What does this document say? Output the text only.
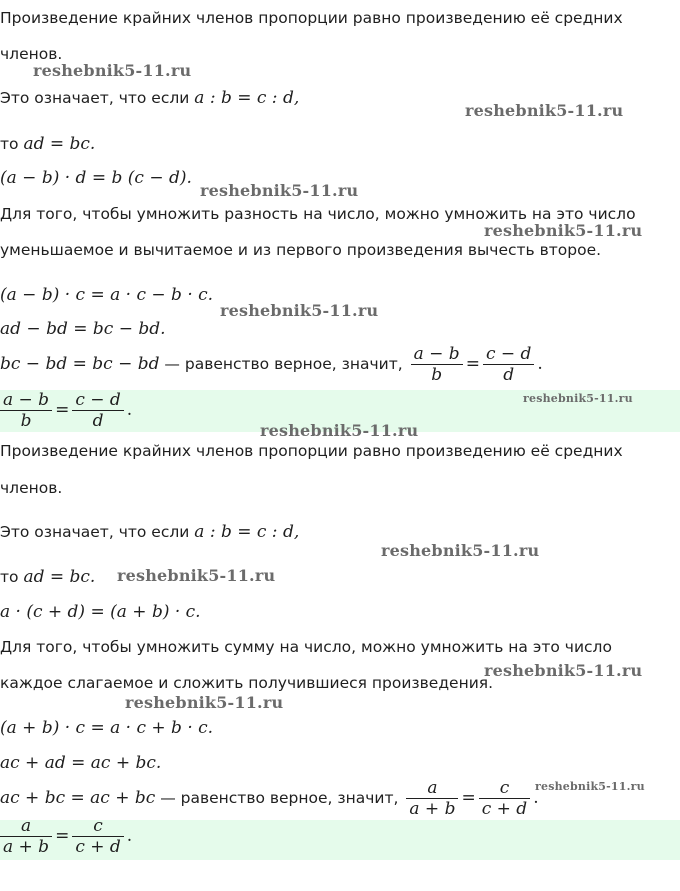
Произведение крайних членов пропорции равно произведению её средних
членов.
Это означает, что если a : b = c : d,
то ad = bc.
(a − b) · d = b (c − d).
Для того, чтобы умножить разность на число, можно умножить на это число
уменьшаемое и вычитаемое и из первого произведения вычесть второе.
(a − b) · c = a · c − b · c.
ad − bd = bc − bd.
bc − bd = bc − bd — равенство верное, значит, $\frac{a - b}{b} = \frac{c - d}{d}$ .
$\frac{a - b}{b} = \frac{c - d}{d}$ .
Произведение крайних членов пропорции равно произведению её средних
членов.
Это означает, что если a : b = c : d,
то ad = bc.
a · (c + d) = (a + b) · c.
Для того, чтобы умножить сумму на число, можно умножить на это число
каждое слагаемое и сложить получившиеся произведения.
(a + b) · c = a · c + b · c.
ac + ad = ac + bc.
ac + bc = ac + bc — равенство верное, значит, $\frac{a}{a + b} = \frac{c}{c + d}$ .
$\frac{a}{a + b} = \frac{c}{c + d}$ .
reshebnik5-11.ru
reshebnik5-11.ru
reshebnik5-11.ru
reshebnik5-11.ru
reshebnik5-11.ru
reshebnik5-11.ru
reshebnik5-11.ru
reshebnik5-11.ru
reshebnik5-11.ru
reshebnik5-11.ru
reshebnik5-11.ru
reshebnik5-11.ru
